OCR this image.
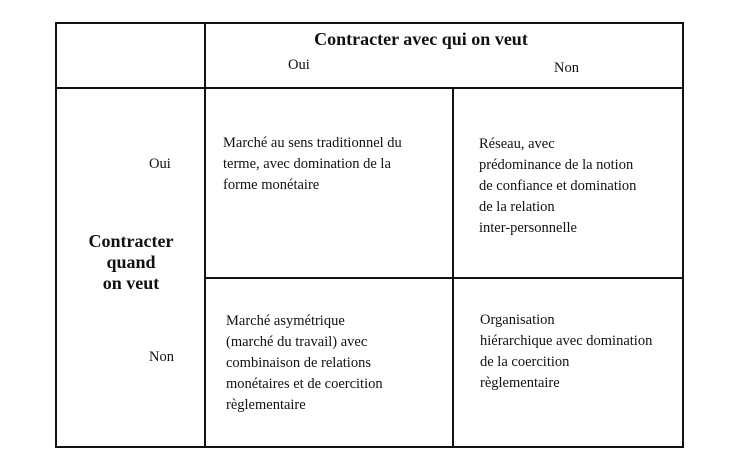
Contracter avec qui on veut
Oui	Non
Contracter
quand
on veut
Oui
Non
Marché au sens traditionnel du
terme, avec domination de la
forme monétaire
Réseau, avec
prédominance de la notion
de confiance et domination
de la relation
inter-personnelle
Marché asymétrique
(marché du travail) avec
combinaison de relations
monétaires et de coercition
règlementaire
Organisation
hiérarchique avec domination
de la coercition
règlementaire
